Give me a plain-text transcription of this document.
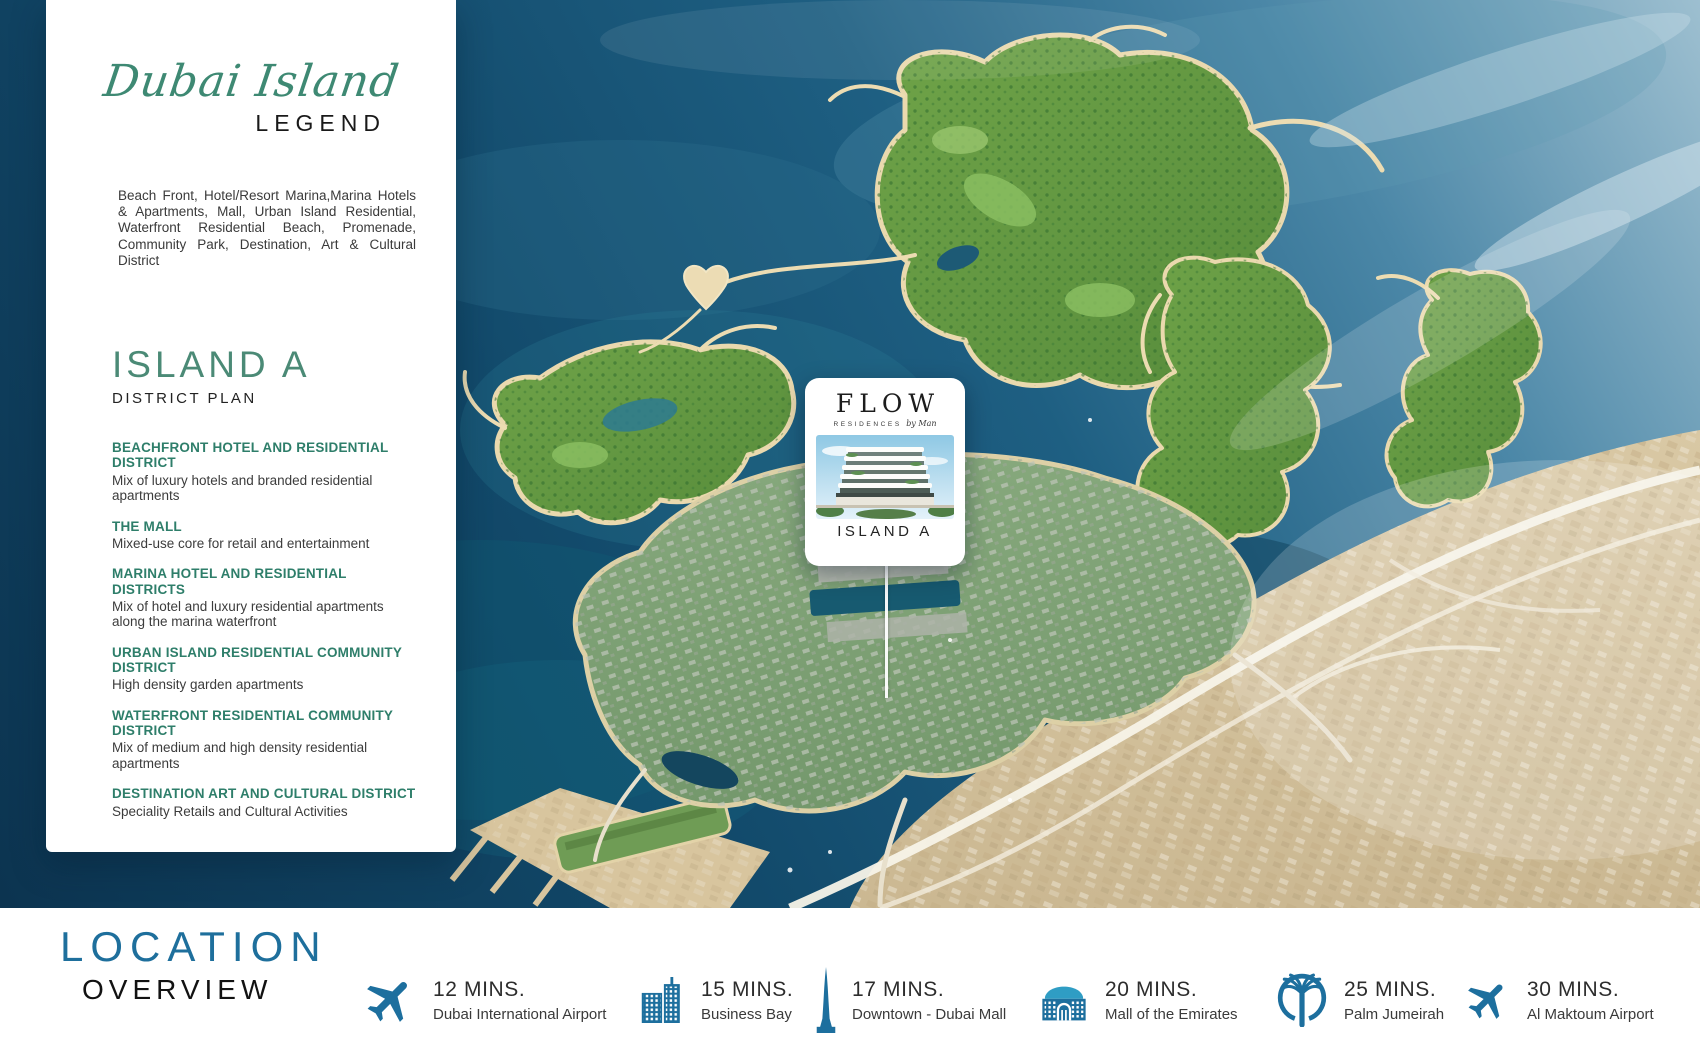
FLOW
RESIDENCES by Man
ISLAND A
Dubai Island
LEGEND
Beach Front, Hotel/Resort Marina,Marina Hotels & Apartments, Mall, Urban Island Residential, Waterfront Residential Beach, Promenade, Community Park, Destination, Art & Cultural District
ISLAND A
DISTRICT PLAN
BEACHFRONT HOTEL AND RESIDENTIAL DISTRICT
Mix of luxury hotels and branded residential apartments
THE MALL
Mixed-use core for retail and entertainment
MARINA HOTEL AND RESIDENTIAL DISTRICTS
Mix of hotel and luxury residential apartments along the marina waterfront
URBAN ISLAND RESIDENTIAL COMMUNITY DISTRICT
High density garden apartments
WATERFRONT RESIDENTIAL COMMUNITY DISTRICT
Mix of medium and high density residential apartments
DESTINATION ART AND CULTURAL DISTRICT
Speciality Retails and Cultural Activities
LOCATION
OVERVIEW	12 MINS.
Dubai International Airport
15 MINS.
Business Bay
17 MINS.
Downtown - Dubai Mall
20 MINS.
Mall of the Emirates
25 MINS.
Palm Jumeirah
30 MINS.
Al Maktoum Airport
